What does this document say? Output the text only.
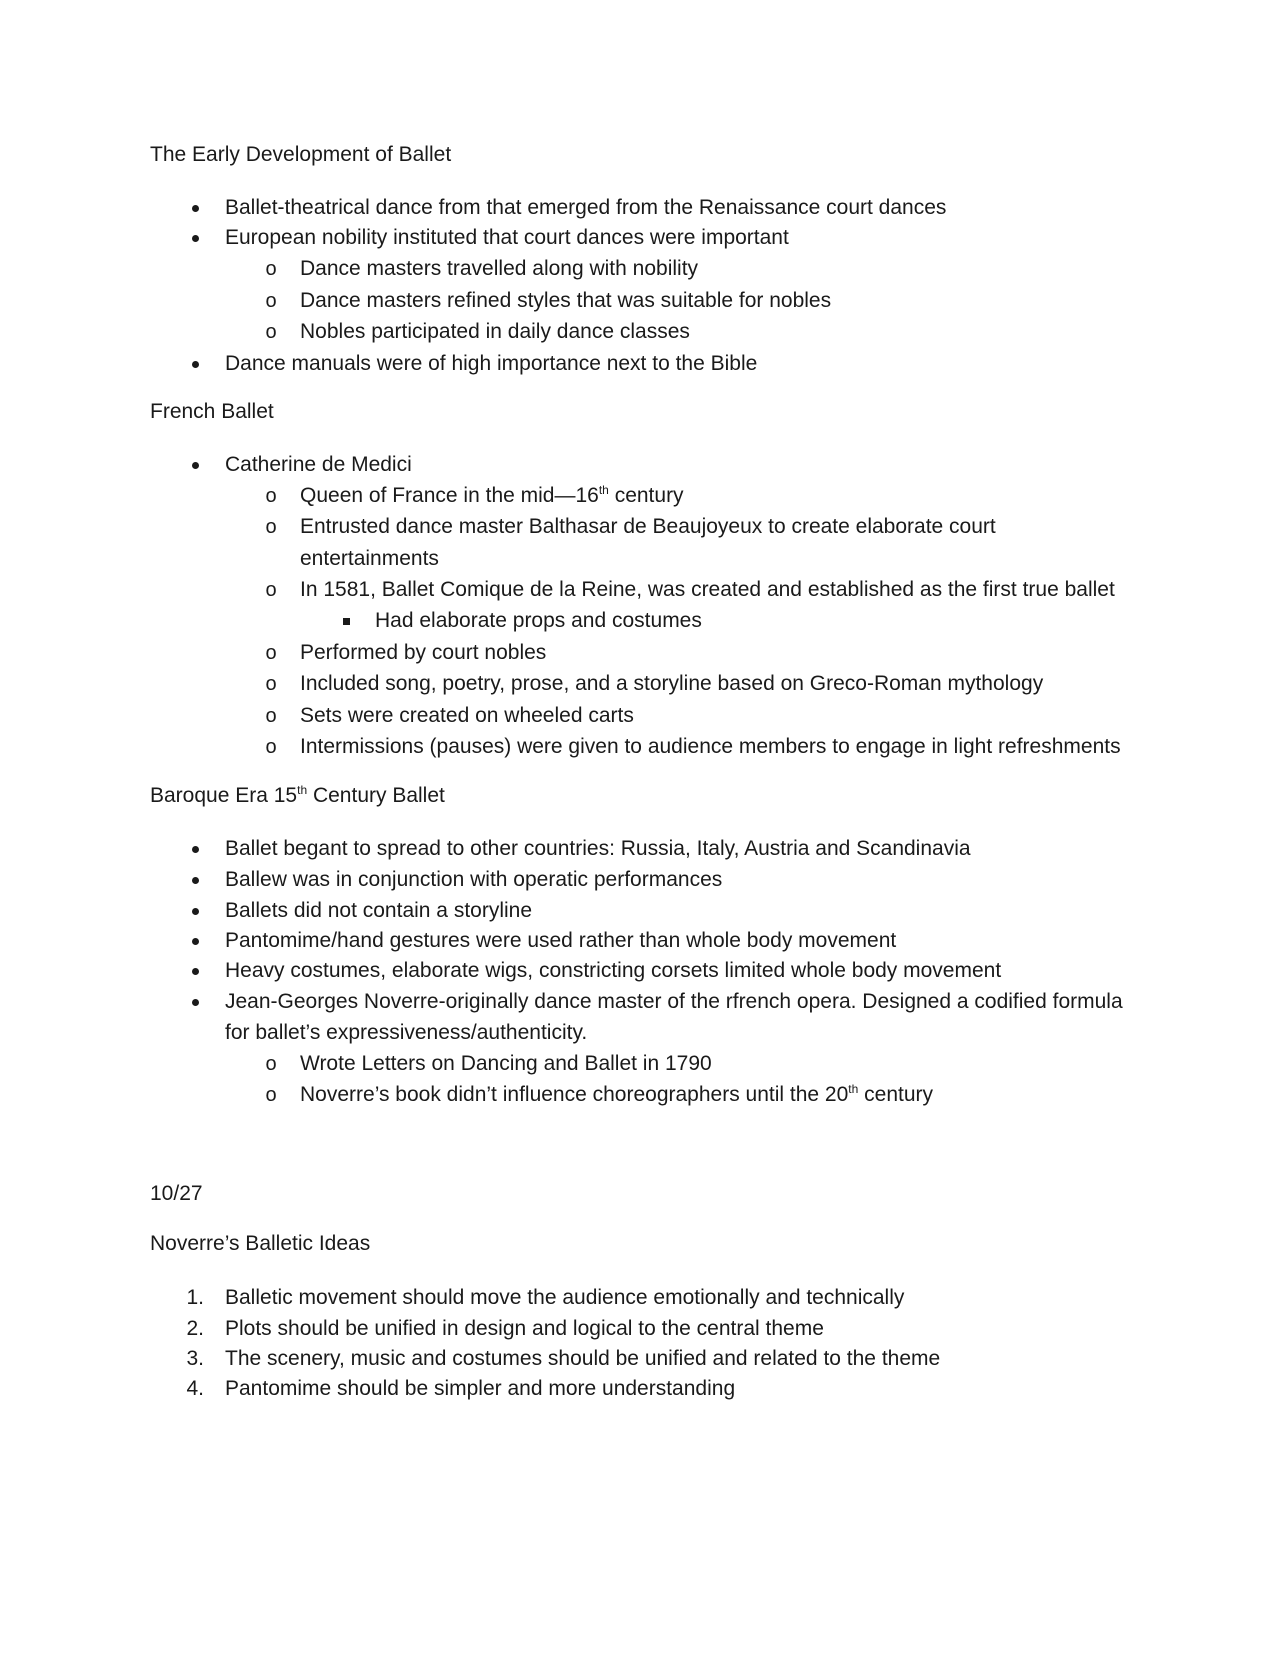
The Early Development of Ballet
Ballet-theatrical dance from that emerged from the Renaissance court dances
European nobility instituted that court dances were important
o	Dance masters travelled along with nobility
o	Dance masters refined styles that was suitable for nobles
o	Nobles participated in daily dance classes
Dance manuals were of high importance next to the Bible
French Ballet
Catherine de Medici
o	Queen of France in the mid—16th century
o	Entrusted dance master Balthasar de Beaujoyeux to create elaborate court
entertainments
o	In 1581, Ballet Comique de la Reine, was created and established as the first true ballet
Had elaborate props and costumes
o	Performed by court nobles
o	Included song, poetry, prose, and a storyline based on Greco-Roman mythology
o	Sets were created on wheeled carts
o	Intermissions (pauses) were given to audience members to engage in light refreshments
Baroque Era 15th Century Ballet
Ballet begant to spread to other countries: Russia, Italy, Austria and Scandinavia
Ballew was in conjunction with operatic performances
Ballets did not contain a storyline
Pantomime/hand gestures were used rather than whole body movement
Heavy costumes, elaborate wigs, constricting corsets limited whole body movement
Jean-Georges Noverre-originally dance master of the rfrench opera. Designed a codified formula
for ballet’s expressiveness/authenticity.
o	Wrote Letters on Dancing and Ballet in 1790
o	Noverre’s book didn’t influence choreographers until the 20th century
10/27
Noverre’s Balletic Ideas
1. Balletic movement should move the audience emotionally and technically
2. Plots should be unified in design and logical to the central theme
3. The scenery, music and costumes should be unified and related to the theme
4. Pantomime should be simpler and more understanding
